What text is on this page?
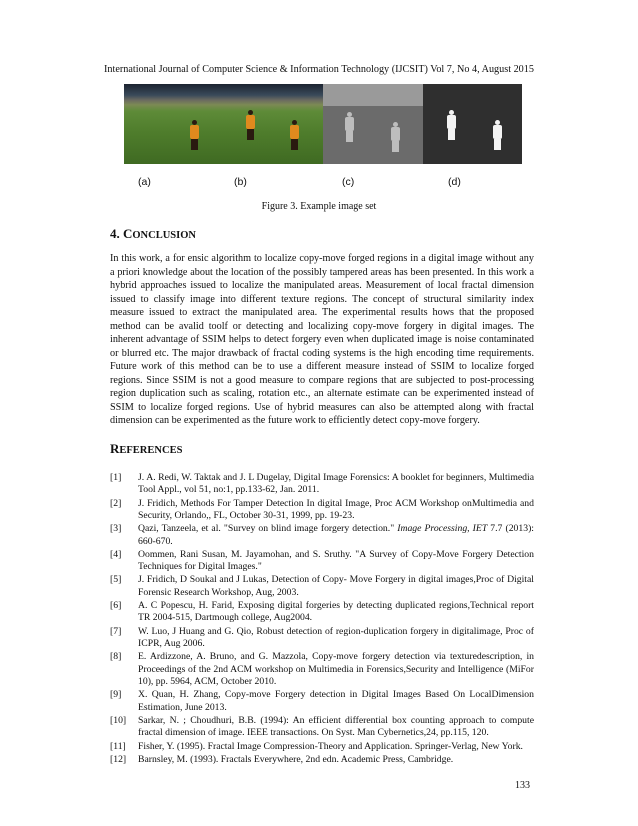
International Journal of Computer Science & Information Technology (IJCSIT) Vol 7, No 4, August 2015
(a)	(b)	(c)	(d)
Figure 3. Example image set
4. CONCLUSION

In this work, a for ensic algorithm to localize copy-move forged regions in a digital image without any a priori knowledge about the location of the possibly tampered areas has been presented. In this work a hybrid approaches issued to localize the manipulated areas. Measurement of local fractal dimension issued to classify image into different texture regions. The concept of structural similarity index measure issued to extract the manipulated area. The experimental results hows that the proposed method can be avalid toolf or detecting and localizing copy-move forgery in digital images. The inherent advantage of SSIM helps to detect forgery even when duplicated image is noise contaminated or blurred etc. The major drawback of fractal coding systems is the high encoding time requirements. Future work of this method can be to use a different measure instead of SSIM to localize forged regions. Since SSIM is not a good measure to compare regions that are subjected to post-processing region duplication such as scaling, rotation etc., an alternate estimate can be experimented instead of SSIM to localize forged regions. Use of hybrid measures can also be attempted along with fractal dimension can be experimented as the future work to efficiently detect copy-move forgery.

REFERENCES
[1]	J. A. Redi, W. Taktak and J. L Dugelay, Digital Image Forensics: A booklet for beginners, Multimedia Tool Appl., vol 51, no:1, pp.133-62, Jan. 2011.
[2]	J. Fridich, Methods For Tamper Detection In digital Image, Proc ACM Workshop onMultimedia and Security, Orlando,, FL, October 30-31, 1999, pp. 19-23.
[3]	Qazi, Tanzeela, et al. "Survey on blind image forgery detection." Image Processing, IET 7.7 (2013): 660-670.
[4]	Oommen, Rani Susan, M. Jayamohan, and S. Sruthy. "A Survey of Copy-Move Forgery Detection Techniques for Digital Images."
[5]	J. Fridich, D Soukal and J Lukas, Detection of Copy- Move Forgery in digital images,Proc of Digital Forensic Research Workshop, Aug, 2003.
[6]	A. C Popescu, H. Farid, Exposing digital forgeries by detecting duplicated regions,Technical report TR 2004-515, Dartmough college, Aug2004.
[7]	W. Luo, J Huang and G. Qio, Robust detection of region-duplication forgery in digitalimage, Proc of ICPR, Aug 2006.
[8]	E. Ardizzone, A. Bruno, and G. Mazzola, Copy-move forgery detection via texturedescription, in Proceedings of the 2nd ACM workshop on Multimedia in Forensics,Security and Intelligence (MiFor 10), pp. 5964, ACM, October 2010.
[9]	X. Quan, H. Zhang, Copy-move Forgery detection in Digital Images Based On LocalDimension Estimation, June 2013.
[10]	Sarkar, N. ; Choudhuri, B.B. (1994): An efficient differential box counting approach to compute fractal dimension of image. IEEE transactions. On Syst. Man Cybernetics,24, pp.115, 120.
[11]	Fisher, Y. (1995). Fractal Image Compression-Theory and Application. Springer-Verlag, New York.
[12]	Barnsley, M. (1993). Fractals Everywhere, 2nd edn. Academic Press, Cambridge.
133
